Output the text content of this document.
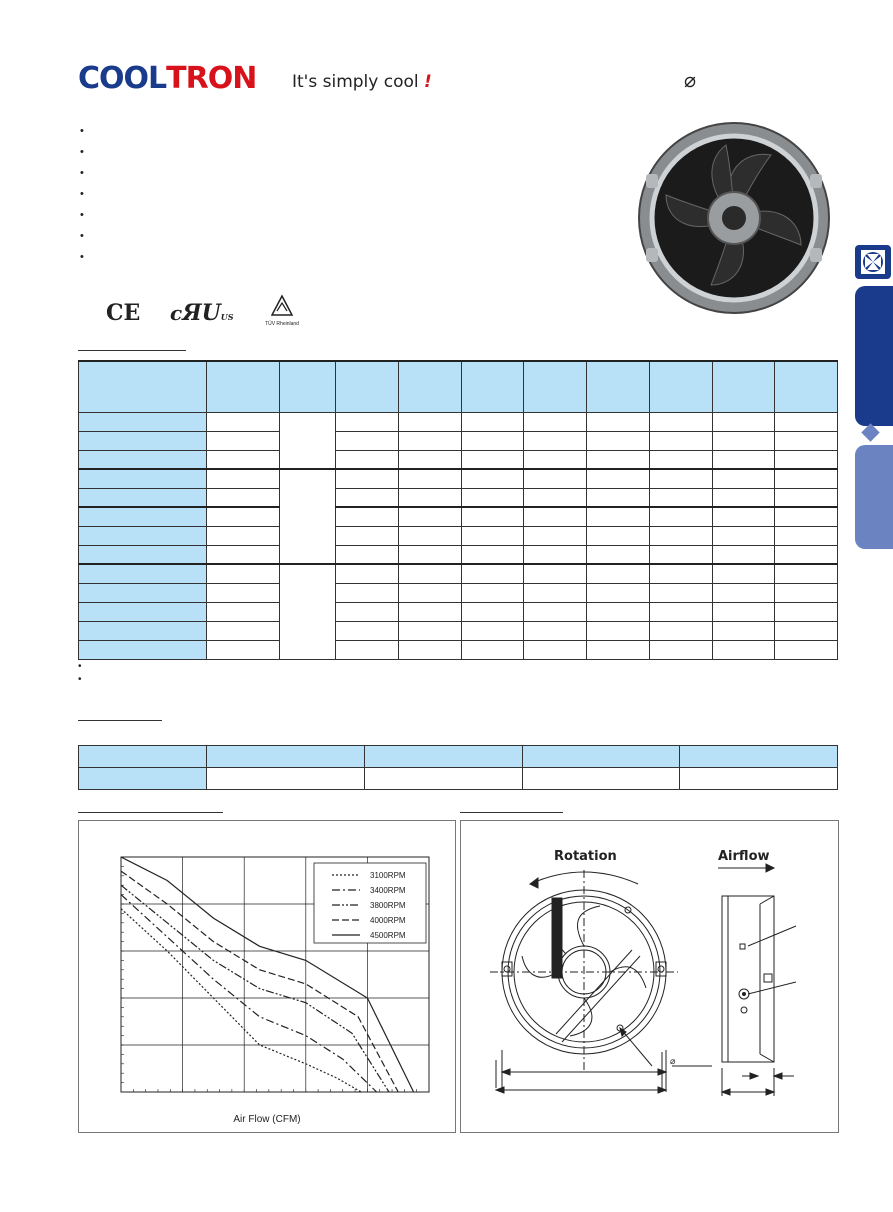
COOL TRON It's simply cool !	⌀
•
•
•
•
•
•
•
CE cЯUUS
TÜV Rheinland

•
•

3100RPM
3400RPM
3800RPM
4000RPM
4500RPM
Air Flow (CFM)
Rotation	Airflow
⌀
